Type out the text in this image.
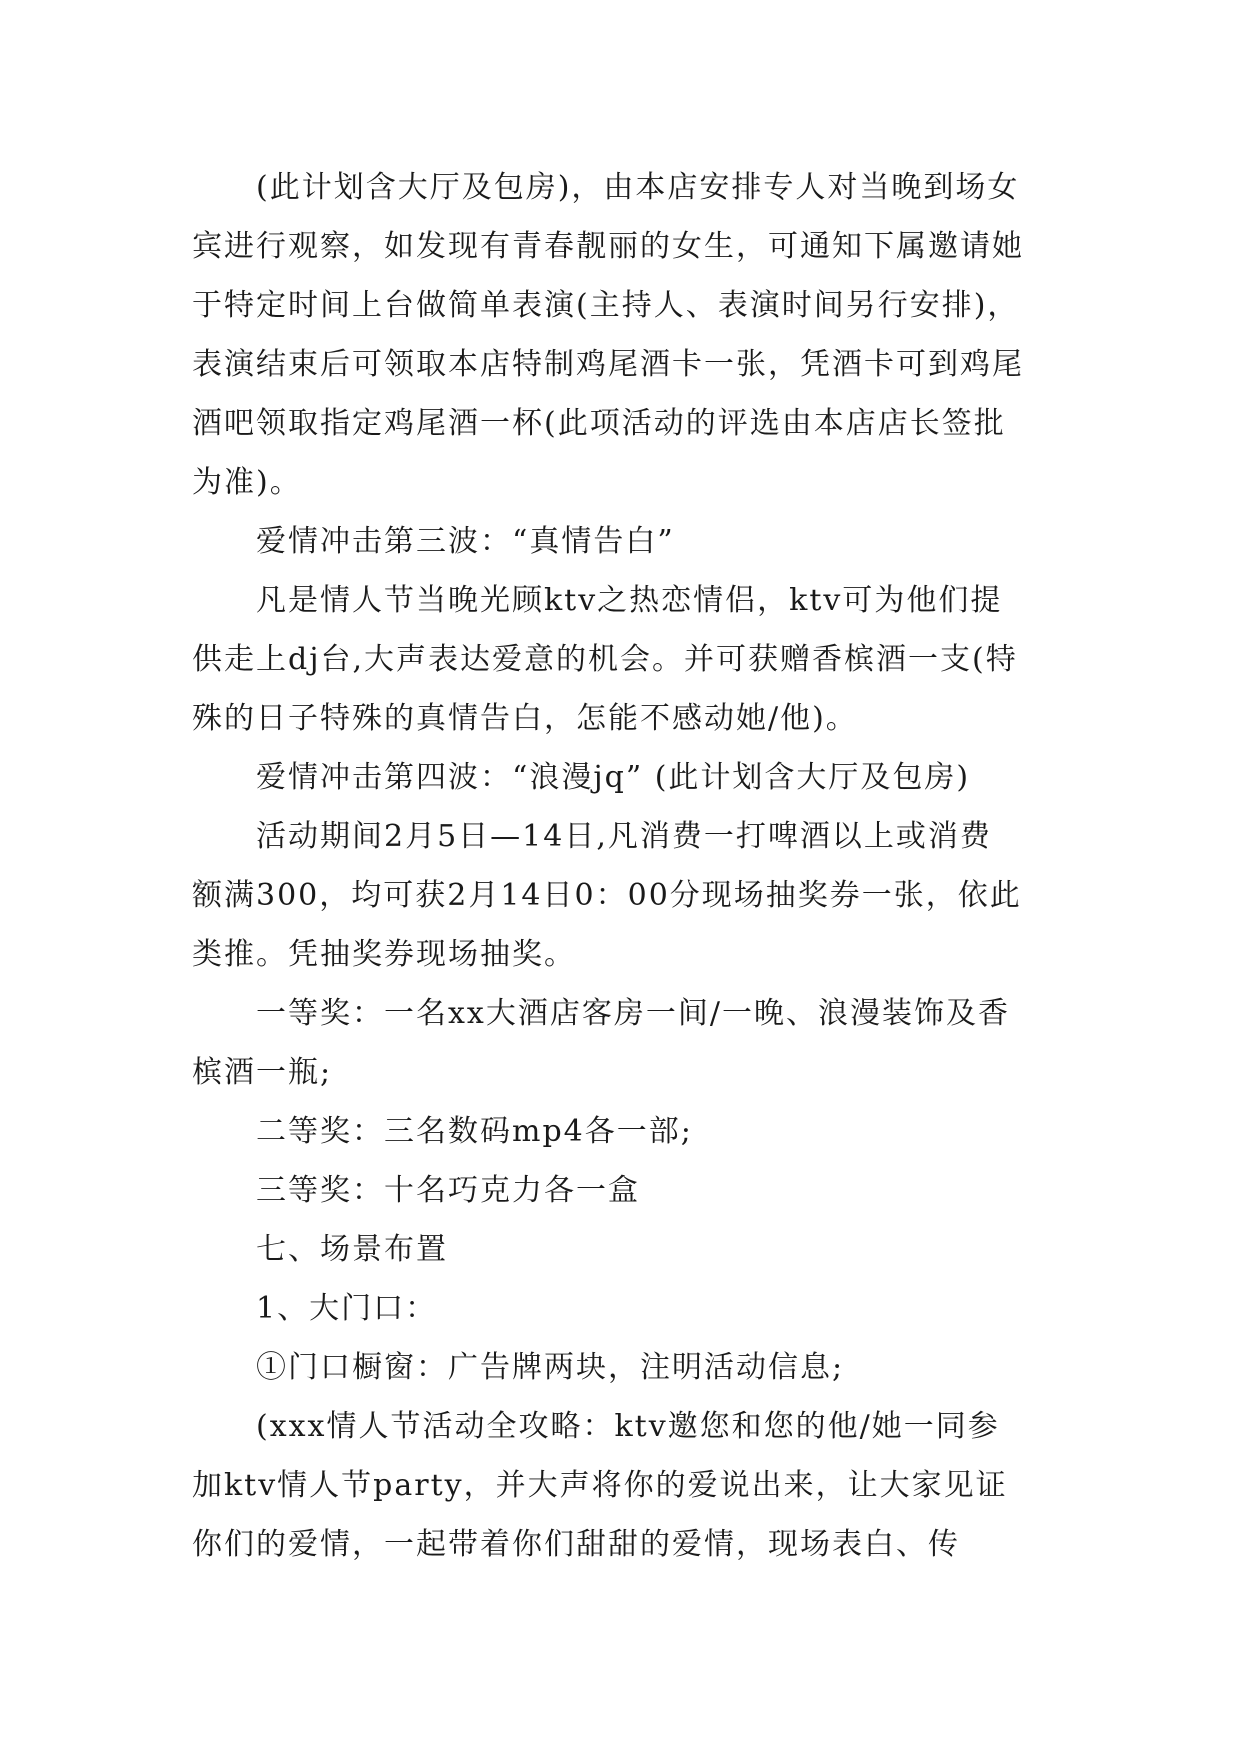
(此计划含大厅及包房)，由本店安排专人对当晚到场女
宾进行观察，如发现有青春靓丽的女生，可通知下属邀请她
于特定时间上台做简单表演(主持人、表演时间另行安排)，
表演结束后可领取本店特制鸡尾酒卡一张，凭酒卡可到鸡尾
酒吧领取指定鸡尾酒一杯(此项活动的评选由本店店长签批
为准)。
爱情冲击第三波：“真情告白”
凡是情人节当晚光顾ktv之热恋情侣，ktv可为他们提
供走上dj台,大声表达爱意的机会。并可获赠香槟酒一支(特
殊的日子特殊的真情告白，怎能不感动她/他)。
爱情冲击第四波：“浪漫jq” (此计划含大厅及包房)
活动期间2月5日—14日,凡消费一打啤酒以上或消费
额满300，均可获2月14日0：00分现场抽奖券一张，依此
类推。凭抽奖券现场抽奖。
一等奖：一名xx大酒店客房一间/一晚、浪漫装饰及香
槟酒一瓶;
二等奖：三名数码mp4各一部;
三等奖：十名巧克力各一盒
七、场景布置
1、大门口：
①门口橱窗：广告牌两块，注明活动信息;
(xxx情人节活动全攻略：ktv邀您和您的他/她一同参
加ktv情人节party，并大声将你的爱说出来，让大家见证
你们的爱情，一起带着你们甜甜的爱情，现场表白、传
